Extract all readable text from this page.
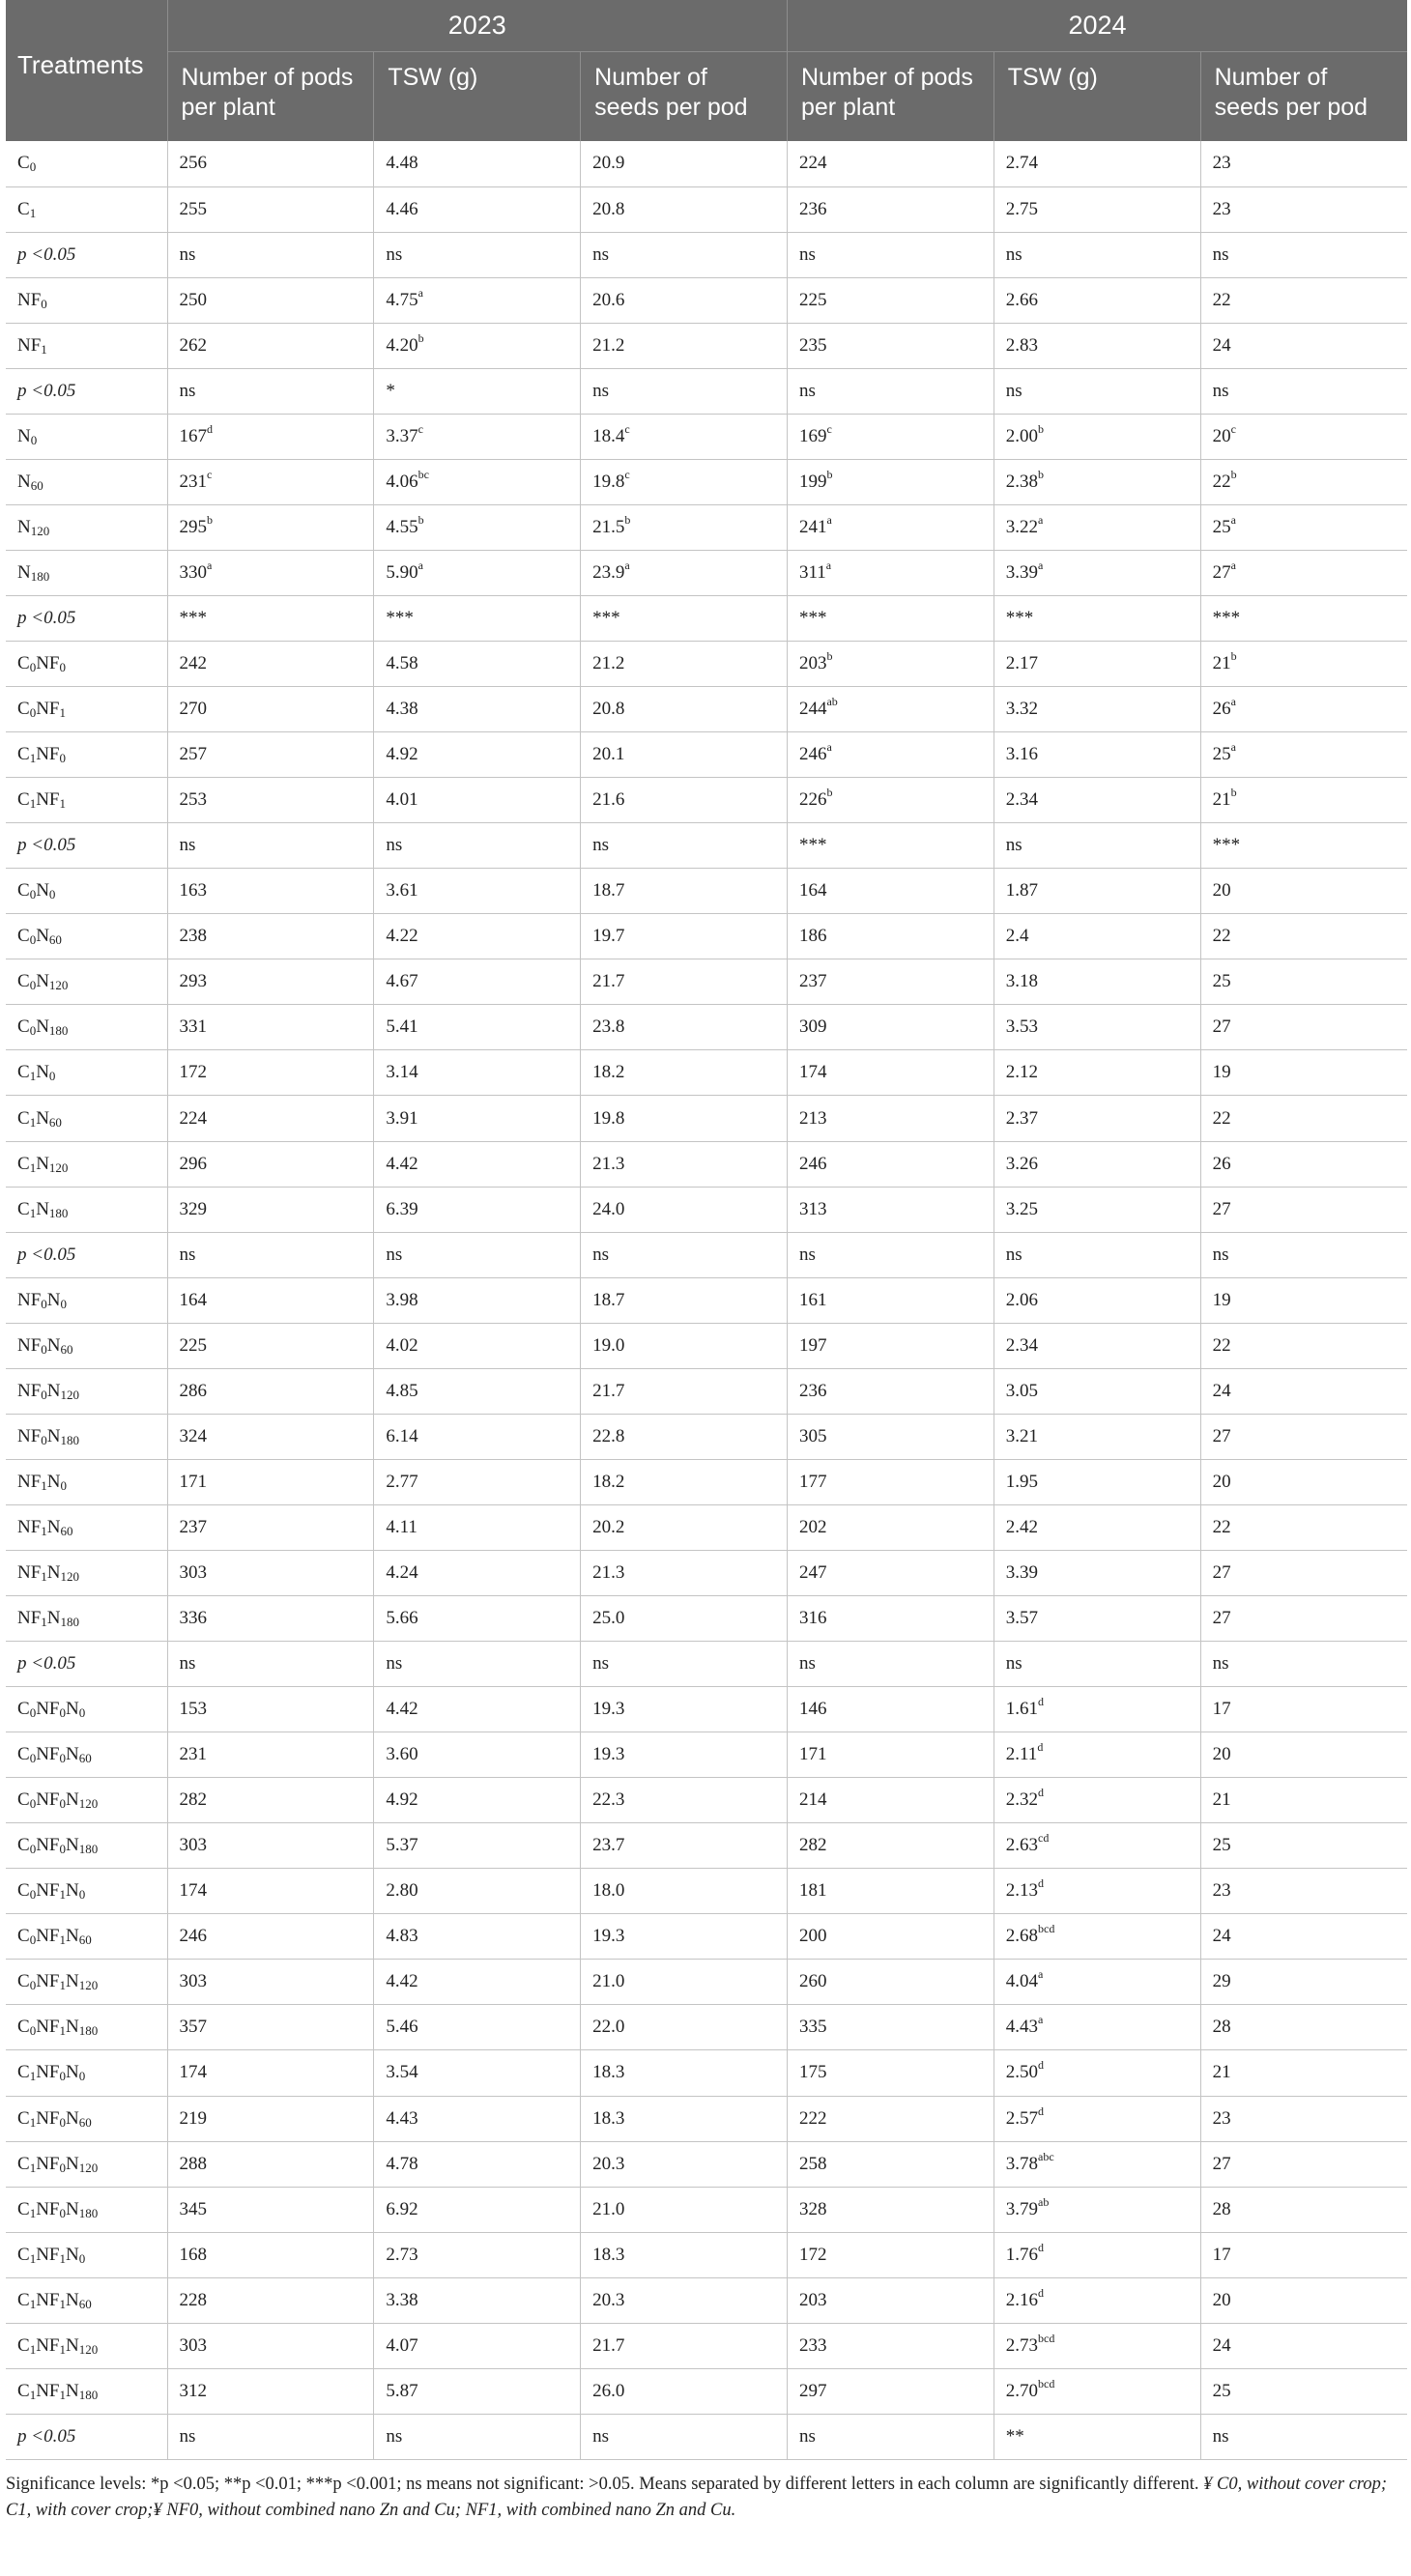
Treatments	2023			2024		
	Number of pods per plant	TSW (g)	Number of seeds per pod	Number of pods per plant	TSW (g)	Number of seeds per pod
$C_0$	256	4.48	20.9	224	2.74	23
$C_1$	255	4.46	20.8	236	2.75	23
p <0.05	ns	ns	ns	ns	ns	ns
$NF_0$	250	4.75$^a$	20.6	225	2.66	22
$NF_1$	262	4.20$^b$	21.2	235	2.83	24
p <0.05	ns	*	ns	ns	ns	ns
$N_0$	167$^d$	3.37$^c$	18.4$^c$	169$^c$	2.00$^b$	20$^c$
$N_{60}$	231$^c$	4.06$^{bc}$	19.8$^c$	199$^b$	2.38$^b$	22$^b$
$N_{120}$	295$^b$	4.55$^b$	21.5$^b$	241$^a$	3.22$^a$	25$^a$
$N_{180}$	330$^a$	5.90$^a$	23.9$^a$	311$^a$	3.39$^a$	27$^a$
p <0.05	***	***	***	***	***	***
$C_0NF_0$	242	4.58	21.2	203$^b$	2.17	21$^b$
$C_0NF_1$	270	4.38	20.8	$244^{ab}$	3.32	26$^a$
$C_1NF_0$	257	4.92	20.1	246$^a$	3.16	25$^a$
$C_1NF_1$	253	4.01	21.6	226$^b$	2.34	21$^b$
p <0.05	ns	ns	ns	***	ns	***
$C_0N_0$	163	3.61	18.7	164	1.87	20
$C_0N_{60}$	238	4.22	19.7	186	2.4	22
$C_0N_{120}$	293	4.67	21.7	237	3.18	25
$C_0N_{180}$	331	5.41	23.8	309	3.53	27
$C_1N_0$	172	3.14	18.2	174	2.12	19
$C_1N_{60}$	224	3.91	19.8	213	2.37	22
$C_1N_{120}$	296	4.42	21.3	246	3.26	26
$C_1N_{180}$	329	6.39	24.0	313	3.25	27
p <0.05	ns	ns	ns	ns	ns	ns
$NF_0N_0$	164	3.98	18.7	161	2.06	19
$NF_0N_{60}$	225	4.02	19.0	197	2.34	22
$NF_0N_{120}$	286	4.85	21.7	236	3.05	24
$NF_0N_{180}$	324	6.14	22.8	305	3.21	27
$NF_1N_0$	171	2.77	18.2	177	1.95	20
$NF_1N_{60}$	237	4.11	20.2	202	2.42	22
$NF_1N_{120}$	303	4.24	21.3	247	3.39	27
$NF_1N_{180}$	336	5.66	25.0	316	3.57	27
p <0.05	ns	ns	ns	ns	ns	ns
$C_0NF_0N_0$	153	4.42	19.3	146	1.61$^d$	17
$C_0NF_0N_{60}$	231	3.60	19.3	171	2.11$^d$	20
$C_0NF_0N_{120}$	282	4.92	22.3	214	2.32$^d$	21
$C_0NF_0N_{180}$	303	5.37	23.7	282	2.63$^{cd}$	25
$C_0NF_1N_0$	174	2.80	18.0	181	2.13$^d$	23
$C_0NF_1N_{60}$	246	4.83	19.3	200	2.68$^{bcd}$	24
$C_0NF_1N_{120}$	303	4.42	21.0	260	4.04$^a$	29
$C_0NF_1N_{180}$	357	5.46	22.0	335	4.43$^a$	28
$C_1NF_0N_0$	174	3.54	18.3	175	2.50$^d$	21
$C_1NF_0N_{60}$	219	4.43	18.3	222	2.57$^d$	23
$C_1NF_0N_{120}$	288	4.78	20.3	258	3.78$^{abc}$	27
$C_1NF_0N_{180}$	345	6.92	21.0	328	3.79$^{ab}$	28
$C_1NF_1N_0$	168	2.73	18.3	172	1.76$^d$	17
$C_1NF_1N_{60}$	228	3.38	20.3	203	2.16$^d$	20
$C_1NF_1N_{120}$	303	4.07	21.7	233	2.73$^{bcd}$	24
$C_1NF_1N_{180}$	312	5.87	26.0	297	2.70$^{bcd}$	25
p <0.05	ns	ns	ns	ns	**	ns
Significance levels: *p <0.05; **p <0.01; ***p <0.001; ns means not significant: >0.05. Means separated by different letters in each column are significantly different. ¥ C0, without cover crop; C1, with cover crop;¥ NF0, without combined nano Zn and Cu; NF1, with combined nano Zn and Cu.
